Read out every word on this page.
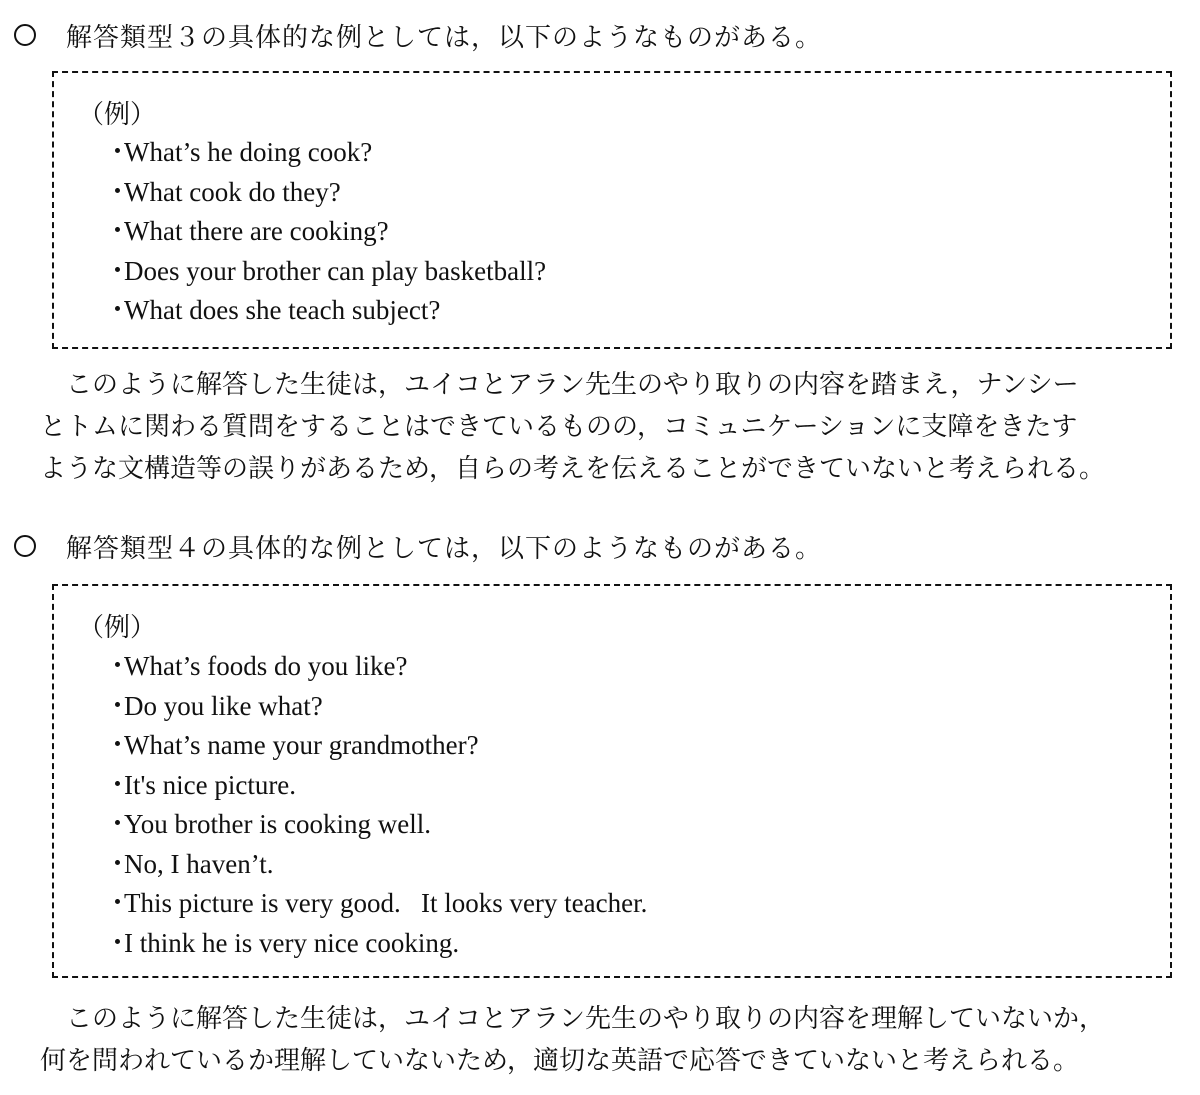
解答類型３の具体的な例としては，以下のようなものがある。
（例）
・What’s he doing cook?
・What cook do they?
・What there are cooking?
・Does your brother can play basketball?
・What does she teach subject?

このように解答した生徒は，ユイコとアラン先生のやり取りの内容を踏まえ，ナンシー
とトムに関わる質問をすることはできているものの，コミュニケーションに支障をきたす
ような文構造等の誤りがあるため，自らの考えを伝えることができていないと考えられる。

解答類型４の具体的な例としては，以下のようなものがある。
（例）
・What’s foods do you like?
・Do you like what?
・What’s name your grandmother?
・It's nice picture.
・You brother is cooking well.
・No, I haven’t.
・This picture is very good.   It looks very teacher.
・I think he is very nice cooking.

このように解答した生徒は，ユイコとアラン先生のやり取りの内容を理解していないか，
何を問われているか理解していないため，適切な英語で応答できていないと考えられる。
